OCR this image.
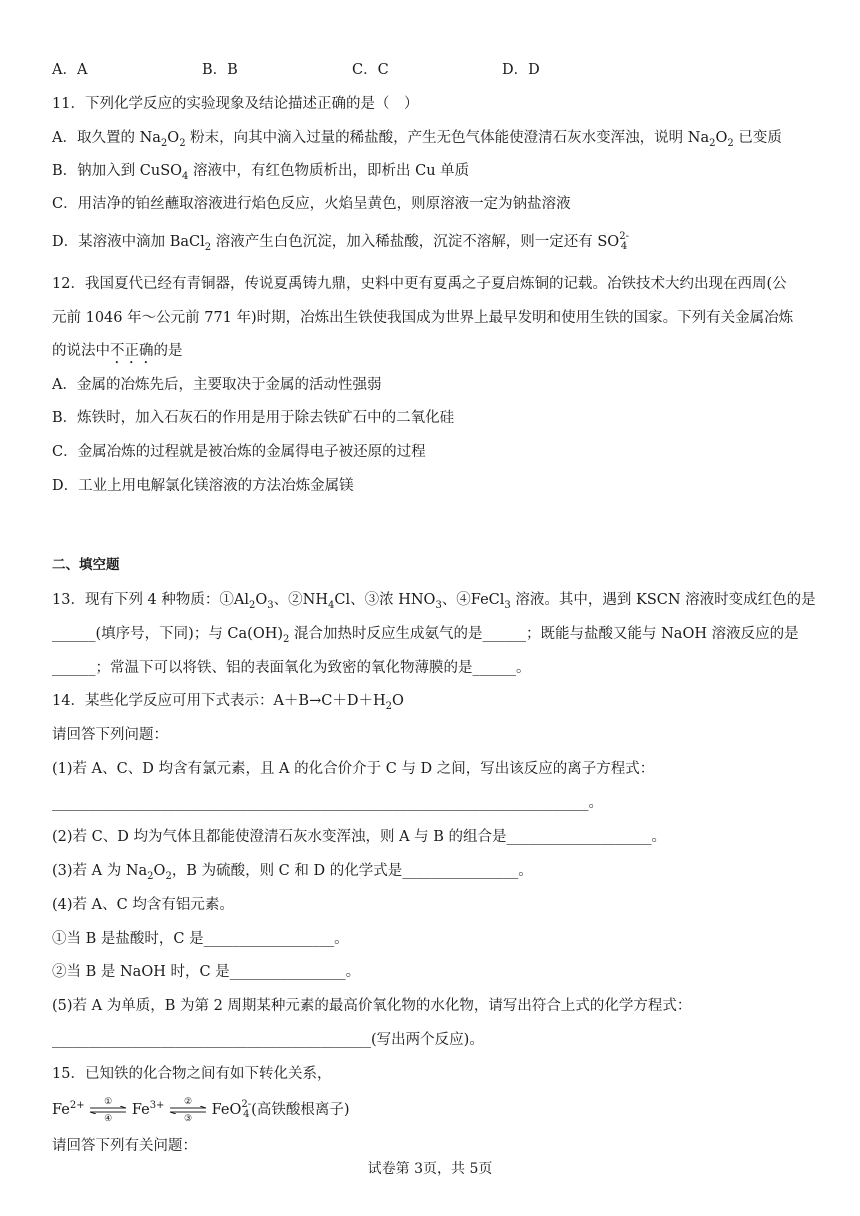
A．A	B．B	C．C	D．D
11．下列化学反应的实验现象及结论描述正确的是（　）
A．取久置的 $Na_2O_2$ 粉末，向其中滴入过量的稀盐酸，产生无色气体能使澄清石灰水变浑浊，说明 $Na_2O_2$ 已变质
B．钠加入到 CuSO$_4$ 溶液中，有红色物质析出，即析出 Cu 单质
C．用洁净的铂丝蘸取溶液进行焰色反应，火焰呈黄色，则原溶液一定为钠盐溶液
D．某溶液中滴加 BaCl$_2$ 溶液产生白色沉淀，加入稀盐酸，沉淀不溶解，则一定还有 SO2-
4
12．我国夏代已经有青铜器，传说夏禹铸九鼎，史料中更有夏禹之子夏启炼铜的记载。冶铁技术大约出现在西周(公
元前 1046 年～公元前 771 年)时期，冶炼出生铁使我国成为世界上最早发明和使用生铁的国家。下列有关金属冶炼
的说法中不正确的是
A．金属的冶炼先后，主要取决于金属的活动性强弱
B．炼铁时，加入石灰石的作用是用于除去铁矿石中的二氧化硅
C．金属冶炼的过程就是被冶炼的金属得电子被还原的过程
D．工业上用电解氯化镁溶液的方法冶炼金属镁
二、填空题
13．现有下列 4 种物质：$①Al_2O_3$、$②NH_4Cl$、③浓 $HNO_3$、④FeCl$_3$ 溶液。其中，遇到 KSCN 溶液时变成红色的是
______(填序号，下同)；与 $Ca(OH)_2$ 混合加热时反应生成氨气的是______；既能与盐酸又能与 NaOH 溶液反应的是
______；常温下可以将铁、铝的表面氧化为致密的氧化物薄膜的是______。
14．某些化学反应可用下式表示：$A+B\to C+D+H_2O$
请回答下列问题：
(1)若 A、C、D 均含有氯元素，且 A 的化合价介于 C 与 D 之间，写出该反应的离子方程式：
__________________________________________________________________________。
(2)若 C、D 均为气体且都能使澄清石灰水变浑浊，则 A 与 B 的组合是____________________。
(3)若 A 为 $Na_2O_2$，B 为硫酸，则 C 和 D 的化学式是________________。
(4)若 A、C 均含有铝元素。
①当 B 是盐酸时，C 是__________________。
②当 B 是 NaOH 时，C 是________________。
(5)若 A 为单质，B 为第 2 周期某种元素的最高价氧化物的水化物，请写出符合上式的化学方程式：
____________________________________________(写出两个反应)。
15．已知铁的化合物之间有如下转化关系，
$Fe^{2+}$	①
④
$Fe^{3+}$	②
③
FeO2-
4 (高铁酸根离子)
请回答下列有关问题：
试卷第 3页，共 5页
